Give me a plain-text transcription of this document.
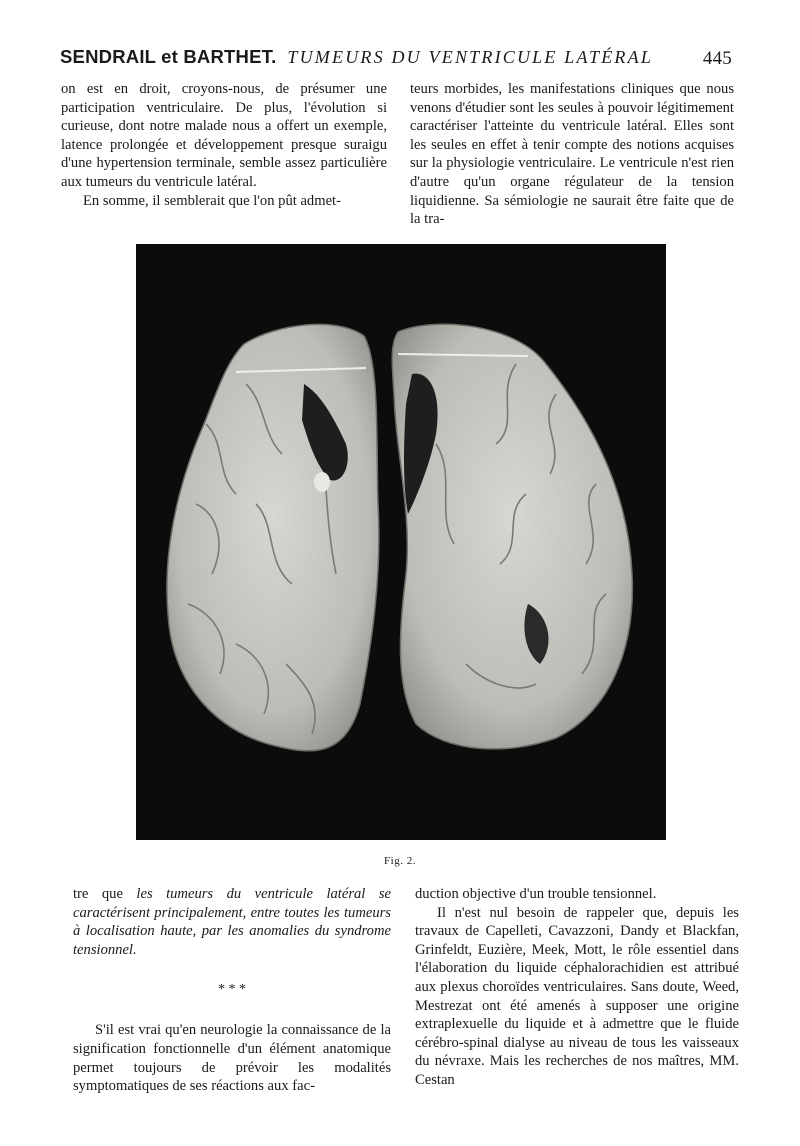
SENDRAIL et BARTHET. TUMEURS DU VENTRICULE LATÉRAL	445

on est en droit, croyons-nous, de présumer une participation ventriculaire. De plus, l'évolution si curieuse, dont notre malade nous a offert un exemple, latence prolongée et développement presque suraigu d'une hypertension terminale, semble assez particulière aux tumeurs du ventricule latéral.

En somme, il semblerait que l'on pût admet-

teurs morbides, les manifestations cliniques que nous venons d'étudier sont les seules à pouvoir légitimement caractériser l'atteinte du ventricule latéral. Elles sont les seules en effet à tenir compte des notions acquises sur la physiologie ventriculaire. Le ventricule n'est rien d'autre qu'un organe régulateur de la tension liquidienne. Sa sémiologie ne saurait être faite que de la tra-

Fig. 2.

tre que les tumeurs du ventricule latéral se caractérisent principalement, entre toutes les tumeurs à localisation haute, par les anomalies du syndrome tensionnel.

* * *

S'il est vrai qu'en neurologie la connaissance de la signification fonctionnelle d'un élément anatomique permet toujours de prévoir les modalités symptomatiques de ses réactions aux fac-

duction objective d'un trouble tensionnel.

Il n'est nul besoin de rappeler que, depuis les travaux de Capelleti, Cavazzoni, Dandy et Blackfan, Grinfeldt, Euzière, Meek, Mott, le rôle essentiel dans l'élaboration du liquide céphalorachidien est attribué aux plexus choroïdes ventriculaires. Sans doute, Weed, Mestrezat ont été amenés à supposer une origine extraplexuelle du liquide et à admettre que le fluide cérébro-spinal dialyse au niveau de tous les vaisseaux du névraxe. Mais les recherches de nos maîtres, MM. Cestan
